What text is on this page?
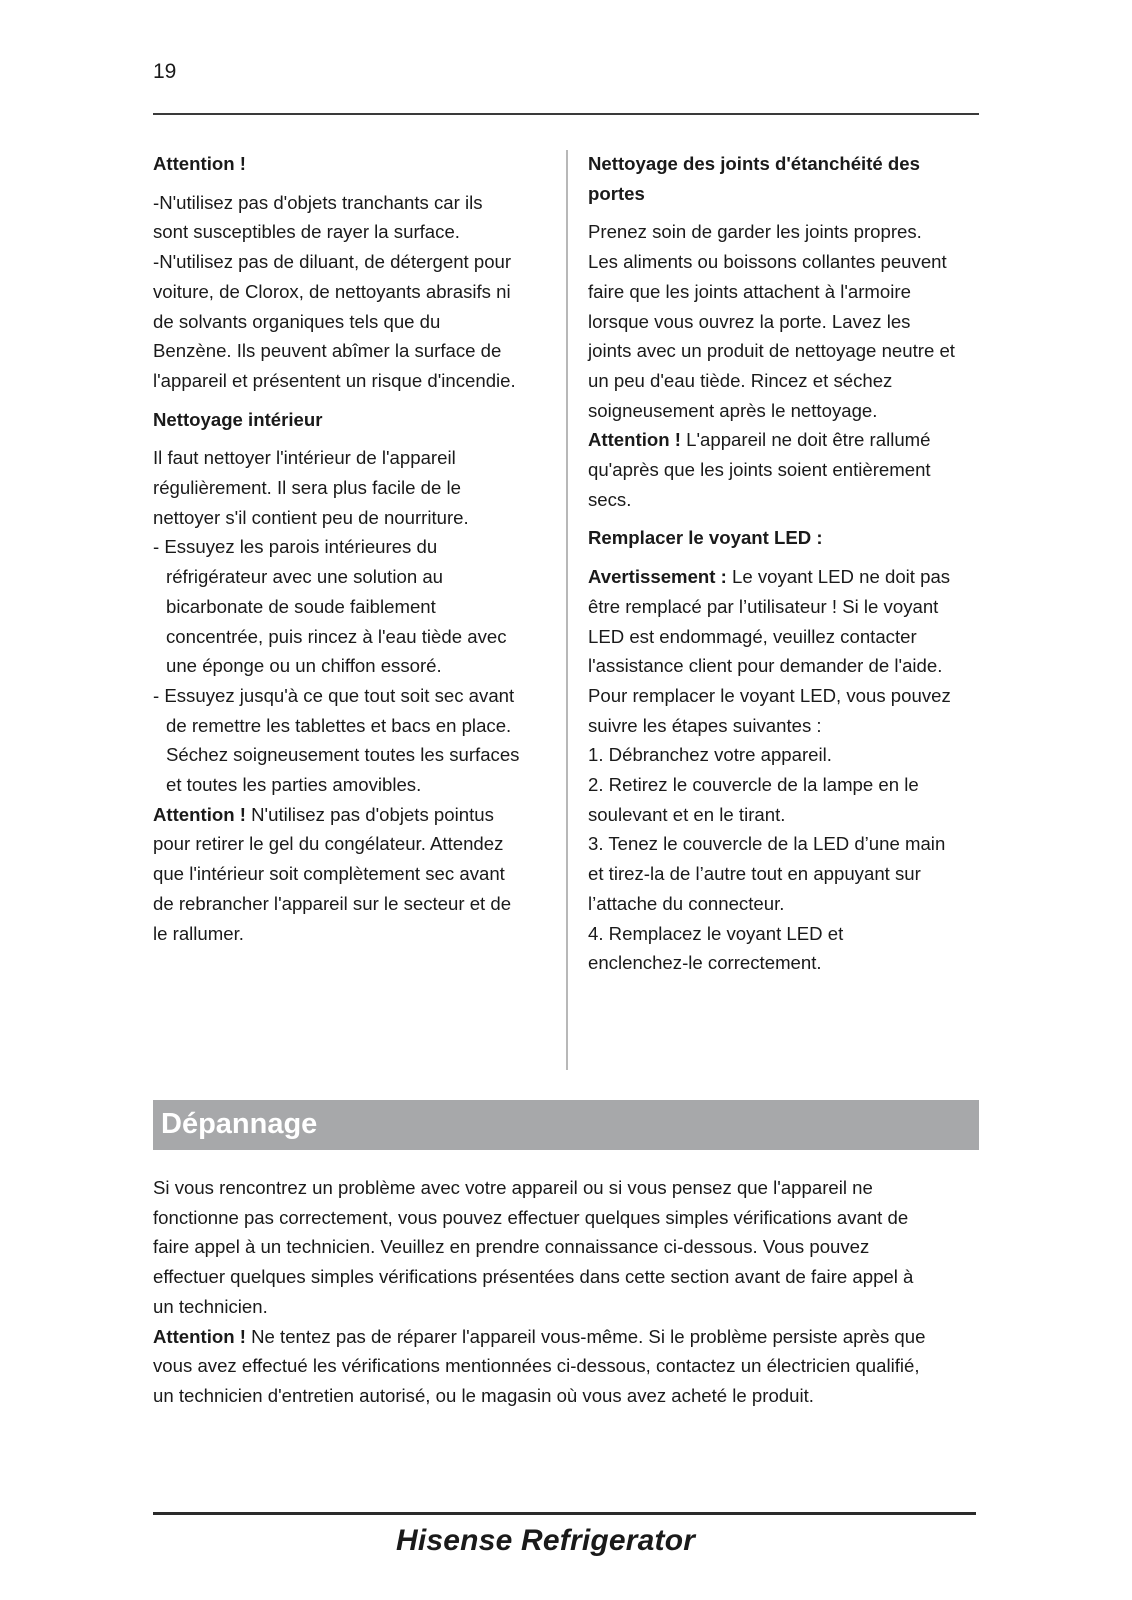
19
Attention !
-N'utilisez pas d'objets tranchants car ils
sont susceptibles de rayer la surface.
-N'utilisez pas de diluant, de détergent pour
voiture, de Clorox, de nettoyants abrasifs ni
de solvants organiques tels que du
Benzène. Ils peuvent abîmer la surface de
l'appareil et présentent un risque d'incendie.
Nettoyage intérieur
Il faut nettoyer l'intérieur de l'appareil
régulièrement. Il sera plus facile de le
nettoyer s'il contient peu de nourriture.
- Essuyez les parois intérieures du
réfrigérateur avec une solution au
bicarbonate de soude faiblement
concentrée, puis rincez à l'eau tiède avec
une éponge ou un chiffon essoré.
- Essuyez jusqu'à ce que tout soit sec avant
de remettre les tablettes et bacs en place.
Séchez soigneusement toutes les surfaces
et toutes les parties amovibles.
Attention ! N'utilisez pas d'objets pointus
pour retirer le gel du congélateur. Attendez
que l'intérieur soit complètement sec avant
de rebrancher l'appareil sur le secteur et de
le rallumer.
Nettoyage des joints d'étanchéité des
portes
Prenez soin de garder les joints propres.
Les aliments ou boissons collantes peuvent
faire que les joints attachent à l'armoire
lorsque vous ouvrez la porte. Lavez les
joints avec un produit de nettoyage neutre et
un peu d'eau tiède. Rincez et séchez
soigneusement après le nettoyage.
Attention ! L'appareil ne doit être rallumé
qu'après que les joints soient entièrement
secs.
Remplacer le voyant LED :
Avertissement : Le voyant LED ne doit pas
être remplacé par l’utilisateur ! Si le voyant
LED est endommagé, veuillez contacter
l'assistance client pour demander de l'aide.
Pour remplacer le voyant LED, vous pouvez
suivre les étapes suivantes :
1. Débranchez votre appareil.
2. Retirez le couvercle de la lampe en le
soulevant et en le tirant.
3. Tenez le couvercle de la LED d’une main
et tirez-la de l’autre tout en appuyant sur
l’attache du connecteur.
4. Remplacez le voyant LED et
enclenchez-le correctement.
Dépannage
Si vous rencontrez un problème avec votre appareil ou si vous pensez que l'appareil ne
fonctionne pas correctement, vous pouvez effectuer quelques simples vérifications avant de
faire appel à un technicien. Veuillez en prendre connaissance ci-dessous. Vous pouvez
effectuer quelques simples vérifications présentées dans cette section avant de faire appel à
un technicien.
Attention ! Ne tentez pas de réparer l'appareil vous-même. Si le problème persiste après que
vous avez effectué les vérifications mentionnées ci-dessous, contactez un électricien qualifié,
un technicien d'entretien autorisé, ou le magasin où vous avez acheté le produit.
Hisense Refrigerator
